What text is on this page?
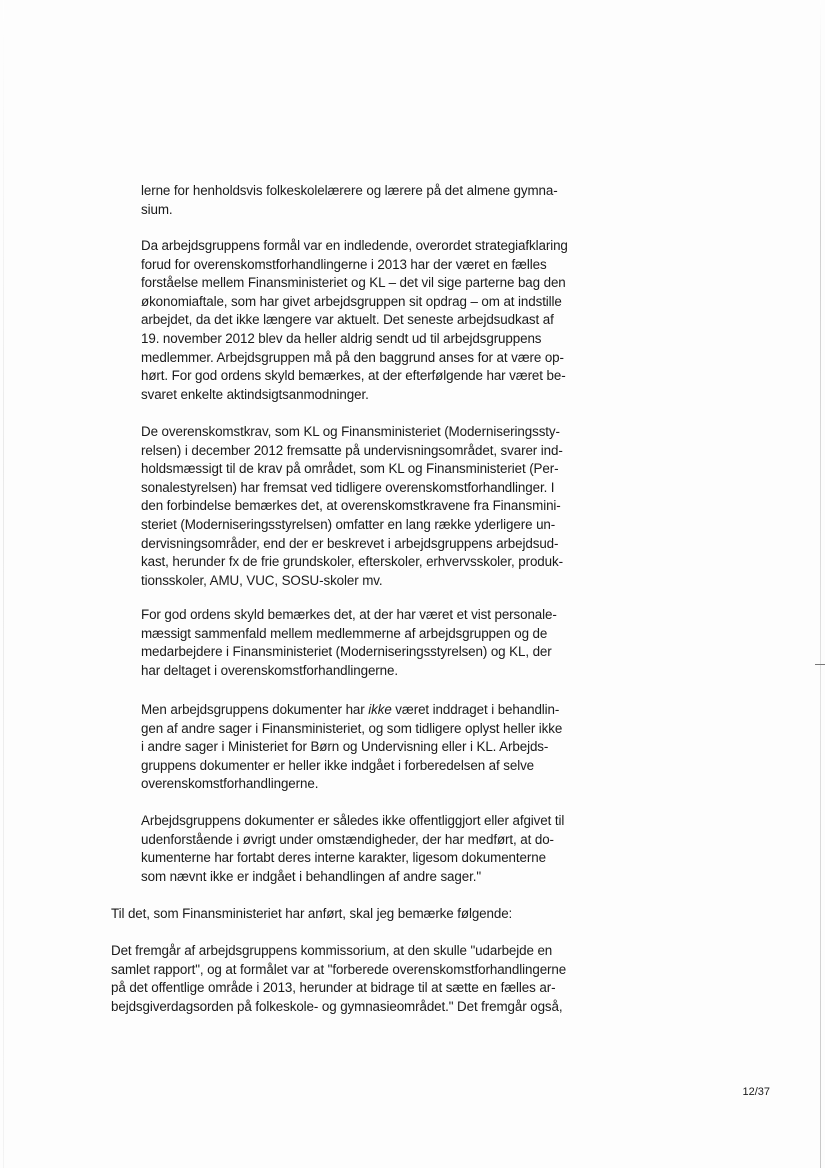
lerne for henholdsvis folkeskolelærere og lærere på det almene gymna-
sium.
Da arbejdsgruppens formål var en indledende, overordet strategiafklaring
forud for overenskomstforhandlingerne i 2013 har der været en fælles
forståelse mellem Finansministeriet og KL – det vil sige parterne bag den
økonomiaftale, som har givet arbejdsgruppen sit opdrag – om at indstille
arbejdet, da det ikke længere var aktuelt. Det seneste arbejdsudkast af
19. november 2012 blev da heller aldrig sendt ud til arbejdsgruppens
medlemmer. Arbejdsgruppen må på den baggrund anses for at være op-
hørt. For god ordens skyld bemærkes, at der efterfølgende har været be-
svaret enkelte aktindsigtsanmodninger.
De overenskomstkrav, som KL og Finansministeriet (Moderniseringssty-
relsen) i december 2012 fremsatte på undervisningsområdet, svarer ind-
holdsmæssigt til de krav på området, som KL og Finansministeriet (Per-
sonalestyrelsen) har fremsat ved tidligere overenskomstforhandlinger. I
den forbindelse bemærkes det, at overenskomstkravene fra Finansmini-
steriet (Moderniseringsstyrelsen) omfatter en lang række yderligere un-
dervisningsområder, end der er beskrevet i arbejdsgruppens arbejdsud-
kast, herunder fx de frie grundskoler, efterskoler, erhvervsskoler, produk-
tionsskoler, AMU, VUC, SOSU-skoler mv.
For god ordens skyld bemærkes det, at der har været et vist personale-
mæssigt sammenfald mellem medlemmerne af arbejdsgruppen og de
medarbejdere i Finansministeriet (Moderniseringsstyrelsen) og KL, der
har deltaget i overenskomstforhandlingerne.
Men arbejdsgruppens dokumenter har ikke været inddraget i behandlin-
gen af andre sager i Finansministeriet, og som tidligere oplyst heller ikke
i andre sager i Ministeriet for Børn og Undervisning eller i KL. Arbejds-
gruppens dokumenter er heller ikke indgået i forberedelsen af selve
overenskomstforhandlingerne.
Arbejdsgruppens dokumenter er således ikke offentliggjort eller afgivet til
udenforstående i øvrigt under omstændigheder, der har medført, at do-
kumenterne har fortabt deres interne karakter, ligesom dokumenterne
som nævnt ikke er indgået i behandlingen af andre sager."
Til det, som Finansministeriet har anført, skal jeg bemærke følgende:
Det fremgår af arbejdsgruppens kommissorium, at den skulle "udarbejde en
samlet rapport", og at formålet var at "forberede overenskomstforhandlingerne
på det offentlige område i 2013, herunder at bidrage til at sætte en fælles ar-
bejdsgiverdagsorden på folkeskole- og gymnasieområdet." Det fremgår også,
12/37
